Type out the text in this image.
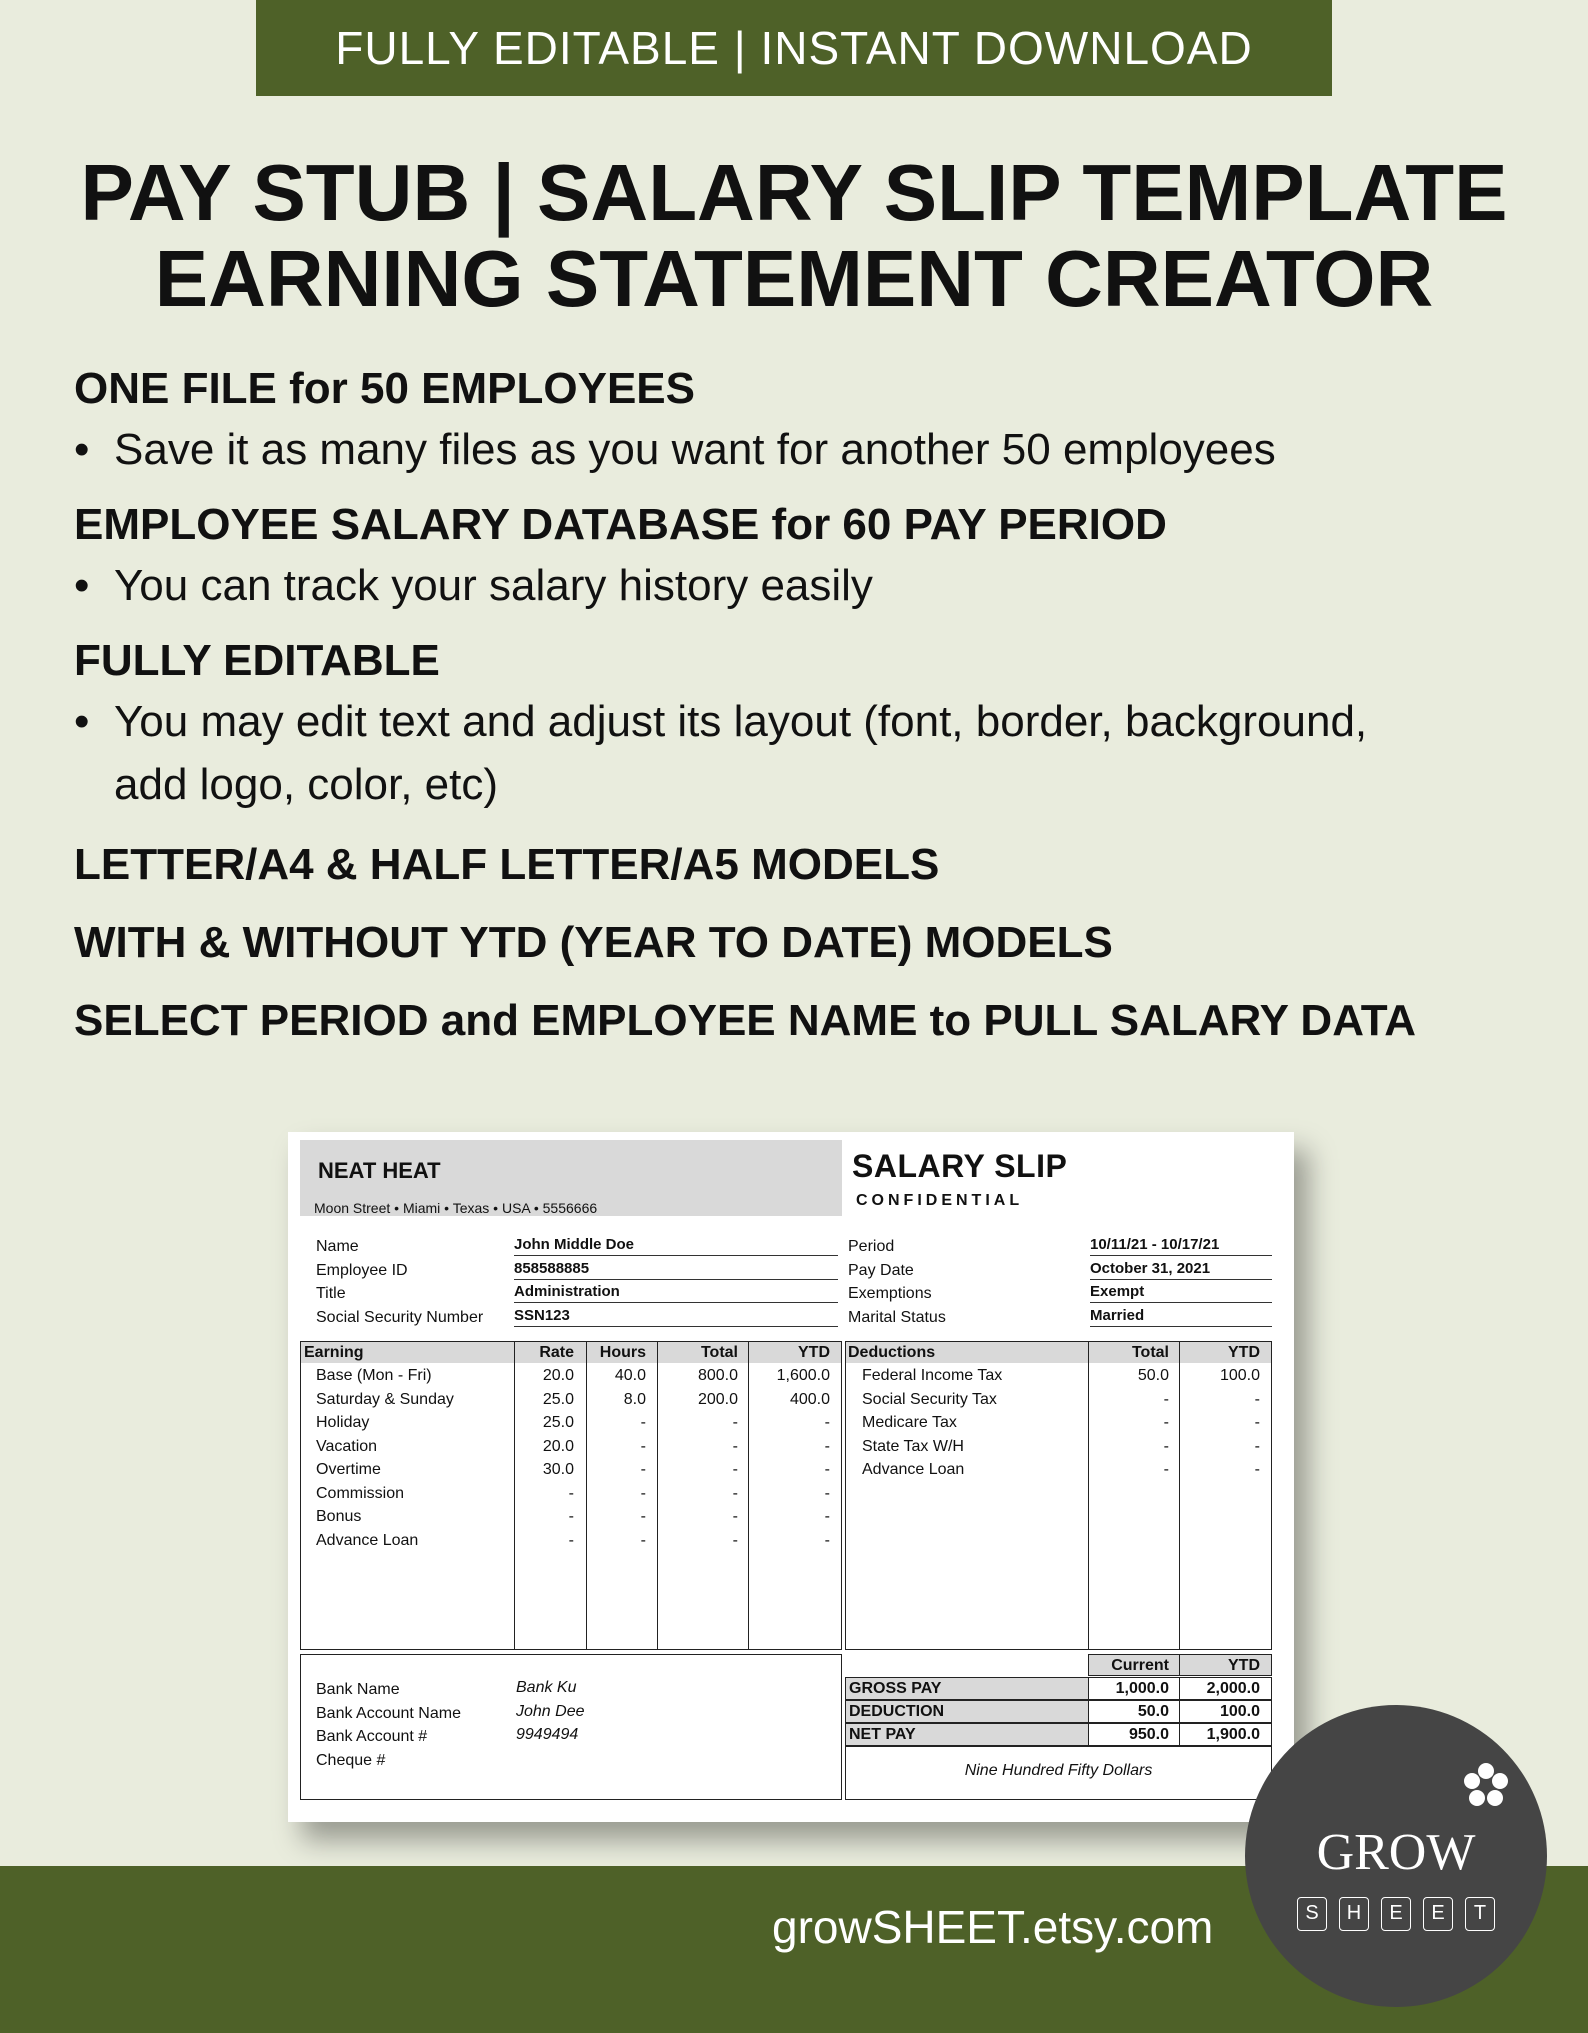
FULLY EDITABLE | INSTANT DOWNLOAD
PAY STUB | SALARY SLIP TEMPLATE
EARNING STATEMENT CREATOR
ONE FILE for 50 EMPLOYEES
• Save it as many files as you want for another 50 employees
EMPLOYEE SALARY DATABASE for 60 PAY PERIOD
• You can track your salary history easily
FULLY EDITABLE
• You may edit text and adjust its layout (font, border, background,
add logo, color, etc)
LETTER/A4 & HALF LETTER/A5 MODELS
WITH & WITHOUT YTD (YEAR TO DATE) MODELS
SELECT PERIOD and EMPLOYEE NAME to PULL SALARY DATA
NEAT HEAT
Moon Street • Miami • Texas • USA • 5556666
SALARY SLIP
CONFIDENTIAL
Name	John Middle Doe	Period	10/11/21 - 10/17/21
Employee ID	858588885	Pay Date	October 31, 2021
Title	Administration	Exemptions	Exempt
Social Security Number SSN123	Marital Status	Married
Earning	Rate	Hours	Total	YTD
Base (Mon - Fri)	20.0	40.0	800.0	1,600.0
Saturday & Sunday	25.0	8.0	200.0	400.0
Holiday	25.0	-	-	-
Vacation	20.0	-	-	-
Overtime	30.0	-	-	-
Commission	-	-	-	-
Bonus	-	-	-	-
Advance Loan	-	-	-	-
Deductions	Total	YTD
Federal Income Tax	50.0	100.0
Social Security Tax	-	-
Medicare Tax	-	-
State Tax W/H	-	-
Advance Loan	-	-
Bank Name	Bank Ku
Bank Account Name	John Dee
Bank Account #	9949494
Cheque #
Current	YTD
GROSS PAY	1,000.0	2,000.0
DEDUCTION	50.0	100.0
NET PAY	950.0	1,900.0
Nine Hundred Fifty Dollars
growSHEET.etsy.com
GROW
S	H	E	E	T
